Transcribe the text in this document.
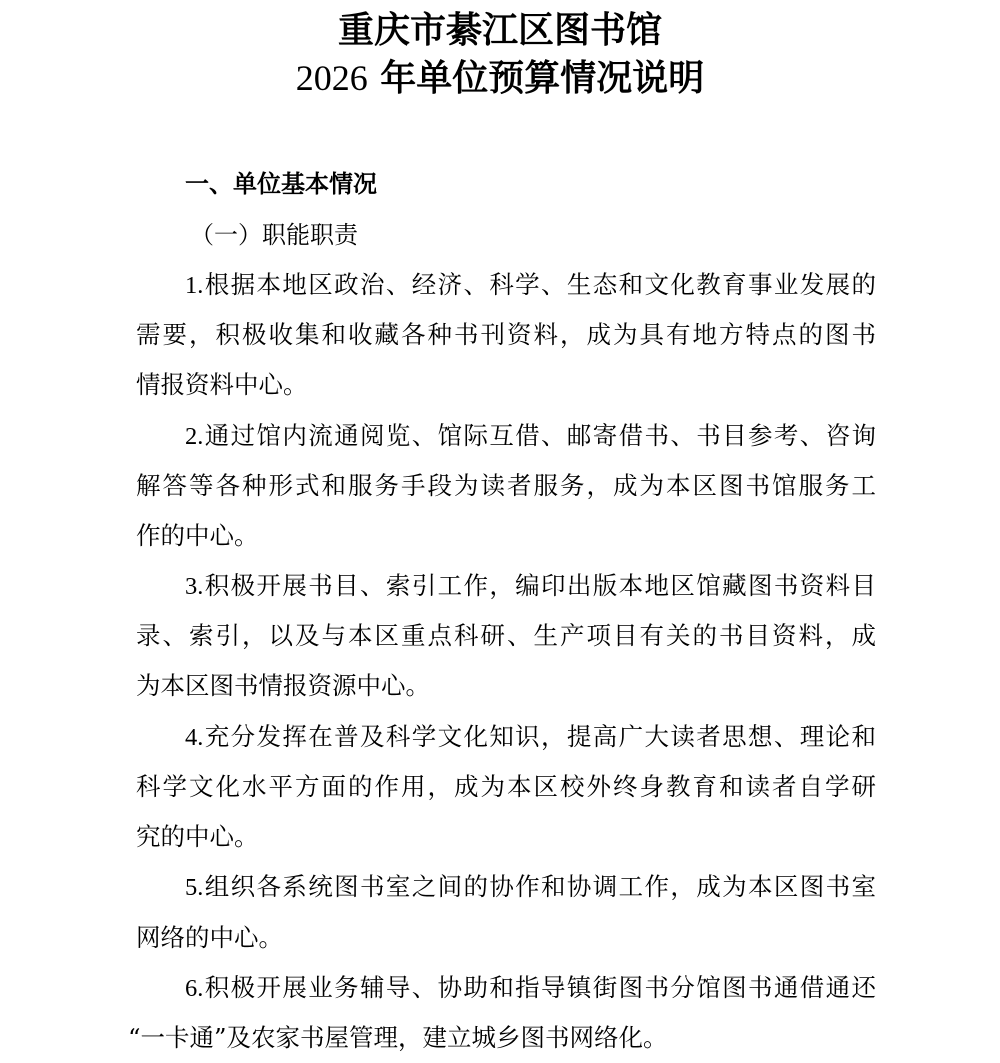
重庆市綦江区图书馆
2026 年单位预算情况说明
一、单位基本情况
（一）职能职责
1.根据本地区政治、经济、科学、生态和文化教育事业发展的
需要，积极收集和收藏各种书刊资料，成为具有地方特点的图书
情报资料中心。
2.通过馆内流通阅览、馆际互借、邮寄借书、书目参考、咨询
解答等各种形式和服务手段为读者服务，成为本区图书馆服务工
作的中心。
3.积极开展书目、索引工作，编印出版本地区馆藏图书资料目
录、索引，以及与本区重点科研、生产项目有关的书目资料，成
为本区图书情报资源中心。
4.充分发挥在普及科学文化知识，提高广大读者思想、理论和
科学文化水平方面的作用，成为本区校外终身教育和读者自学研
究的中心。
5.组织各系统图书室之间的协作和协调工作，成为本区图书室
网络的中心。
6.积极开展业务辅导、协助和指导镇街图书分馆图书通借通还
“一卡通”及农家书屋管理，建立城乡图书网络化。
